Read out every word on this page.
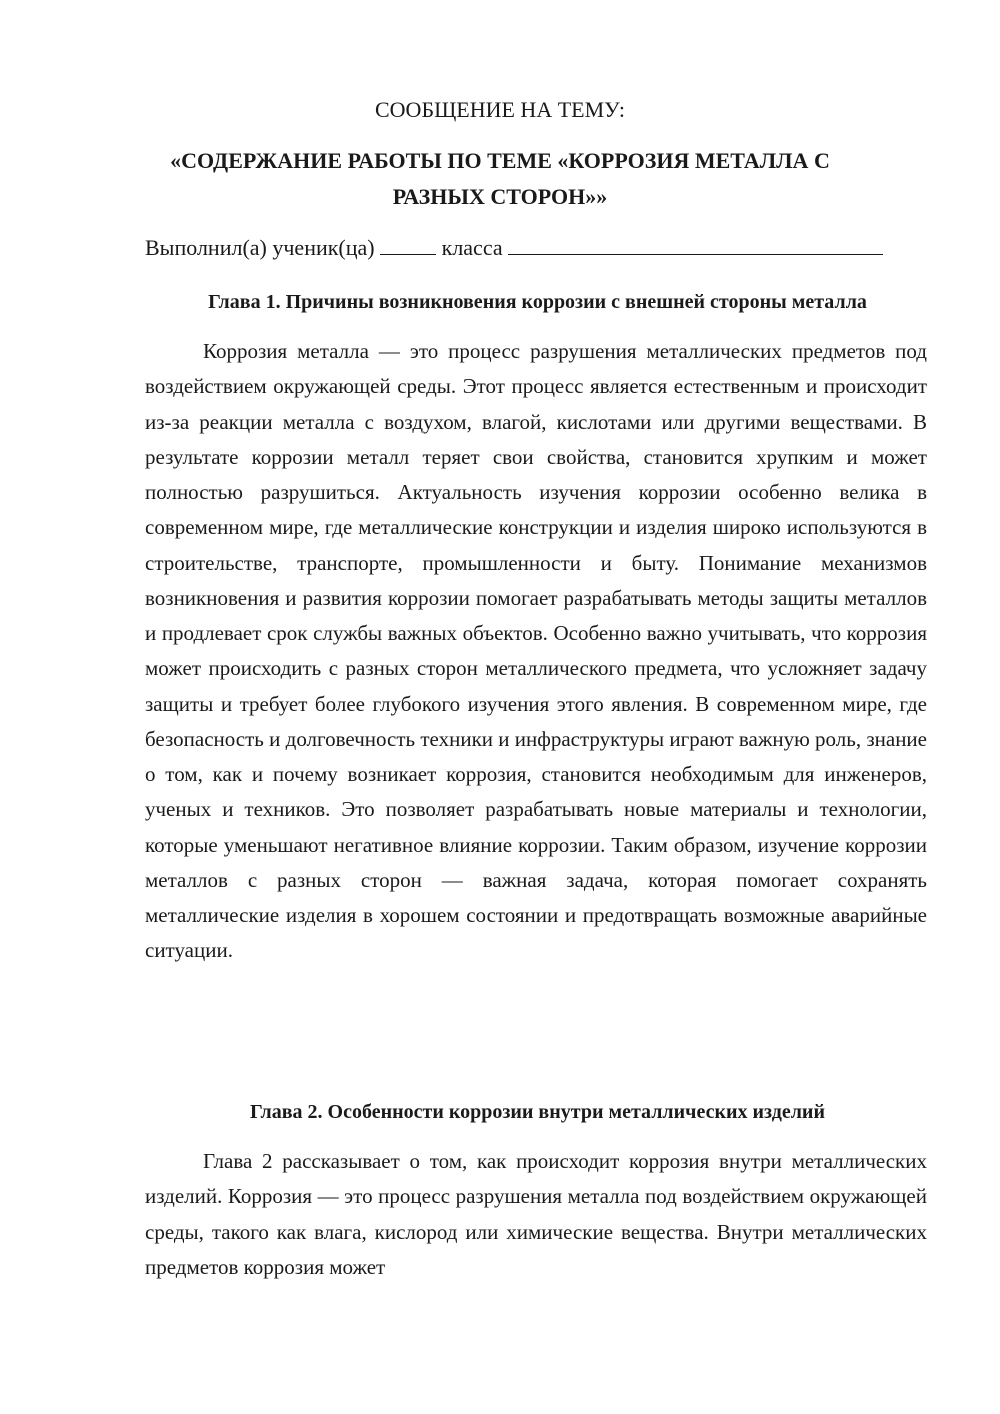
СООБЩЕНИЕ НА ТЕМУ:
«СОДЕРЖАНИЕ РАБОТЫ ПО ТЕМЕ «КОРРОЗИЯ МЕТАЛЛА С РАЗНЫХ СТОРОН»»
Выполнил(а) ученик(ца)	класса
Глава 1. Причины возникновения коррозии с внешней стороны металла

Коррозия металла — это процесс разрушения металлических предметов под воздействием окружающей среды. Этот процесс является естественным и происходит из-за реакции металла с воздухом, влагой, кислотами или другими веществами. В результате коррозии металл теряет свои свойства, становится хрупким и может полностью разрушиться. Актуальность изучения коррозии особенно велика в современном мире, где металлические конструкции и изделия широко используются в строительстве, транспорте, промышленности и быту. Понимание механизмов возникновения и развития коррозии помогает разрабатывать методы защиты металлов и продлевает срок службы важных объектов. Особенно важно учитывать, что коррозия может происходить с разных сторон металлического предмета, что усложняет задачу защиты и требует более глубокого изучения этого явления. В современном мире, где безопасность и долговечность техники и инфраструктуры играют важную роль, знание о том, как и почему возникает коррозия, становится необходимым для инженеров, ученых и техников. Это позволяет разрабатывать новые материалы и технологии, которые уменьшают негативное влияние коррозии. Таким образом, изучение коррозии металлов с разных сторон — важная задача, которая помогает сохранять металлические изделия в хорошем состоянии и предотвращать возможные аварийные ситуации.

Глава 2. Особенности коррозии внутри металлических изделий

Глава 2 рассказывает о том, как происходит коррозия внутри металлических изделий. Коррозия — это процесс разрушения металла под воздействием окружающей среды, такого как влага, кислород или химические вещества. Внутри металлических предметов коррозия может
